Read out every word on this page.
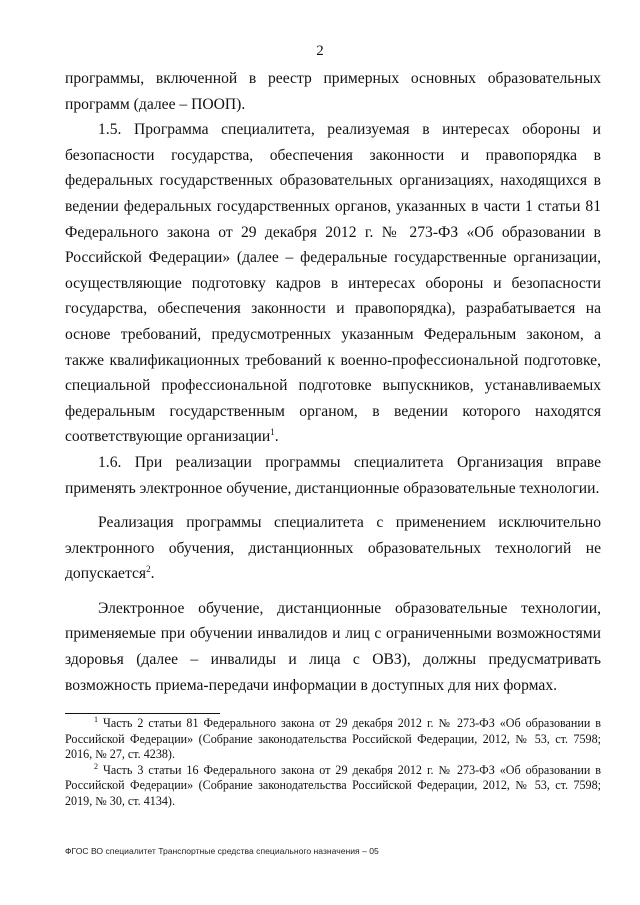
2

программы, включенной в реестр примерных основных образовательных программ (далее – ПООП).

1.5. Программа специалитета, реализуемая в интересах обороны и безопасности государства, обеспечения законности и правопорядка в федеральных государственных образовательных организациях, находящихся в ведении федеральных государственных органов, указанных в части 1 статьи 81 Федерального закона от 29 декабря 2012 г. № 273-ФЗ «Об образовании в Российской Федерации» (далее – федеральные государственные организации, осуществляющие подготовку кадров в интересах обороны и безопасности государства, обеспечения законности и правопорядка), разрабатывается на основе требований, предусмотренных указанным Федеральным законом, а также квалификационных требований к военно-профессиональной подготовке, специальной профессиональной подготовке выпускников, устанавливаемых федеральным государственным органом, в ведении которого находятся соответствующие организации$^1$.

1.6. При реализации программы специалитета Организация вправе применять электронное обучение, дистанционные образовательные технологии.

Реализация программы специалитета с применением исключительно электронного обучения, дистанционных образовательных технологий не допускается$^2$.

Электронное обучение, дистанционные образовательные технологии, применяемые при обучении инвалидов и лиц с ограниченными возможностями здоровья (далее – инвалиды и лица с ОВЗ), должны предусматривать возможность приема-передачи информации в доступных для них формах.

$^1$ Часть 2 статьи 81 Федерального закона от 29 декабря 2012 г. № 273-ФЗ «Об образовании в Российской Федерации» (Собрание законодательства Российской Федерации, 2012, № 53, ст. 7598; 2016, № 27, ст. 4238).

$^2$ Часть 3 статьи 16 Федерального закона от 29 декабря 2012 г. № 273-ФЗ «Об образовании в Российской Федерации» (Собрание законодательства Российской Федерации, 2012, № 53, ст. 7598; 2019, № 30, ст. 4134).

ФГОС ВО специалитет Транспортные средства специального назначения – 05
